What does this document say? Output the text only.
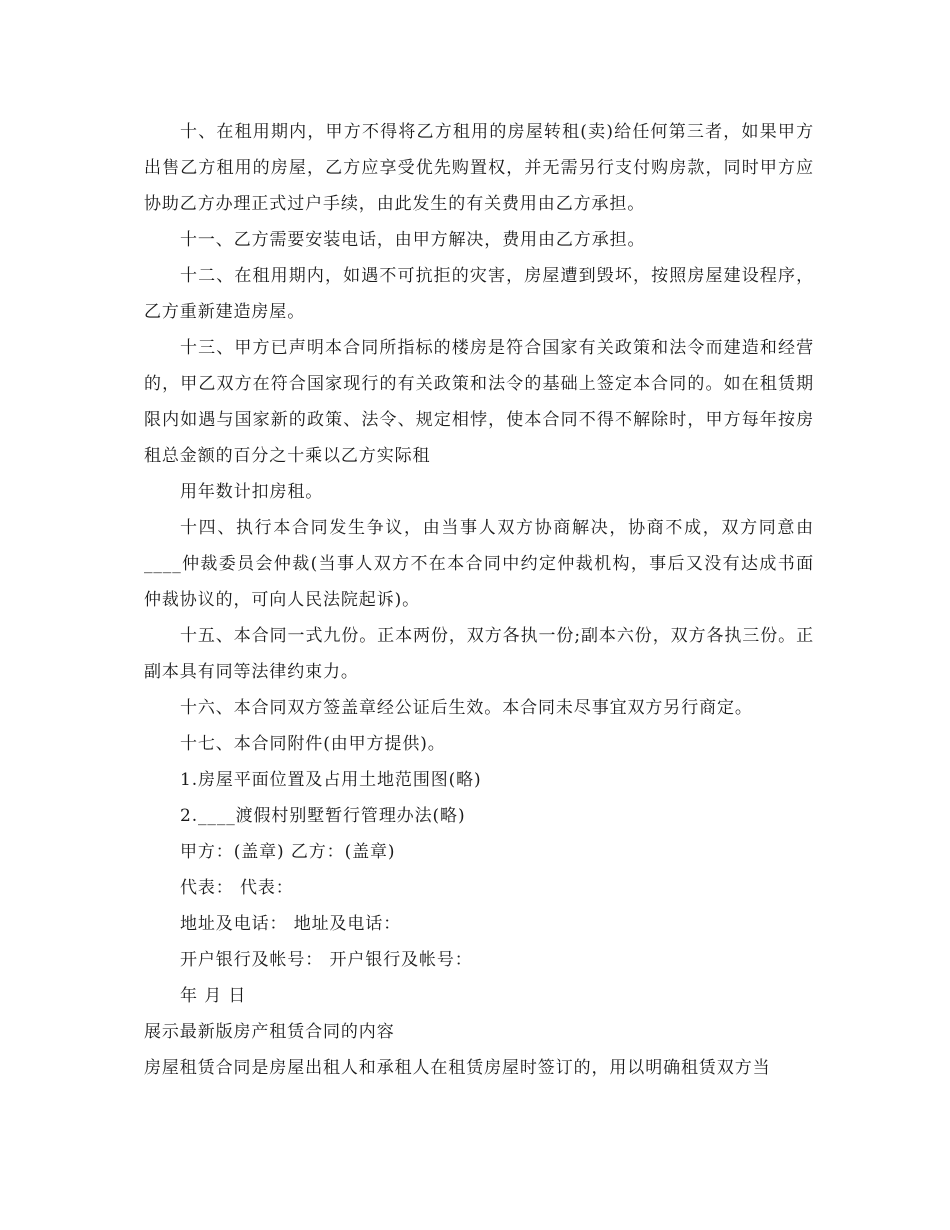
十、在租用期内，甲方不得将乙方租用的房屋转租(卖)给任何第三者，如果甲方出售乙方租用的房屋，乙方应享受优先购置权，并无需另行支付购房款，同时甲方应协助乙方办理正式过户手续，由此发生的有关费用由乙方承担。

十一、乙方需要安装电话，由甲方解决，费用由乙方承担。

十二、在租用期内，如遇不可抗拒的灾害，房屋遭到毁坏，按照房屋建设程序，乙方重新建造房屋。

十三、甲方已声明本合同所指标的楼房是符合国家有关政策和法令而建造和经营的，甲乙双方在符合国家现行的有关政策和法令的基础上签定本合同的。如在租赁期限内如遇与国家新的政策、法令、规定相悖，使本合同不得不解除时，甲方每年按房租总金额的百分之十乘以乙方实际租

用年数计扣房租。

十四、执行本合同发生争议，由当事人双方协商解决，协商不成，双方同意由____仲裁委员会仲裁(当事人双方不在本合同中约定仲裁机构，事后又没有达成书面仲裁协议的，可向人民法院起诉)。

十五、本合同一式九份。正本两份，双方各执一份;副本六份，双方各执三份。正副本具有同等法律约束力。

十六、本合同双方签盖章经公证后生效。本合同未尽事宜双方另行商定。

十七、本合同附件(由甲方提供)。

1.房屋平面位置及占用土地范围图(略)

2.____渡假村别墅暂行管理办法(略)

甲方：(盖章) 乙方：(盖章)

代表： 代表：

地址及电话： 地址及电话：

开户银行及帐号： 开户银行及帐号：

年 月 日

展示最新版房产租赁合同的内容

房屋租赁合同是房屋出租人和承租人在租赁房屋时签订的，用以明确租赁双方当
